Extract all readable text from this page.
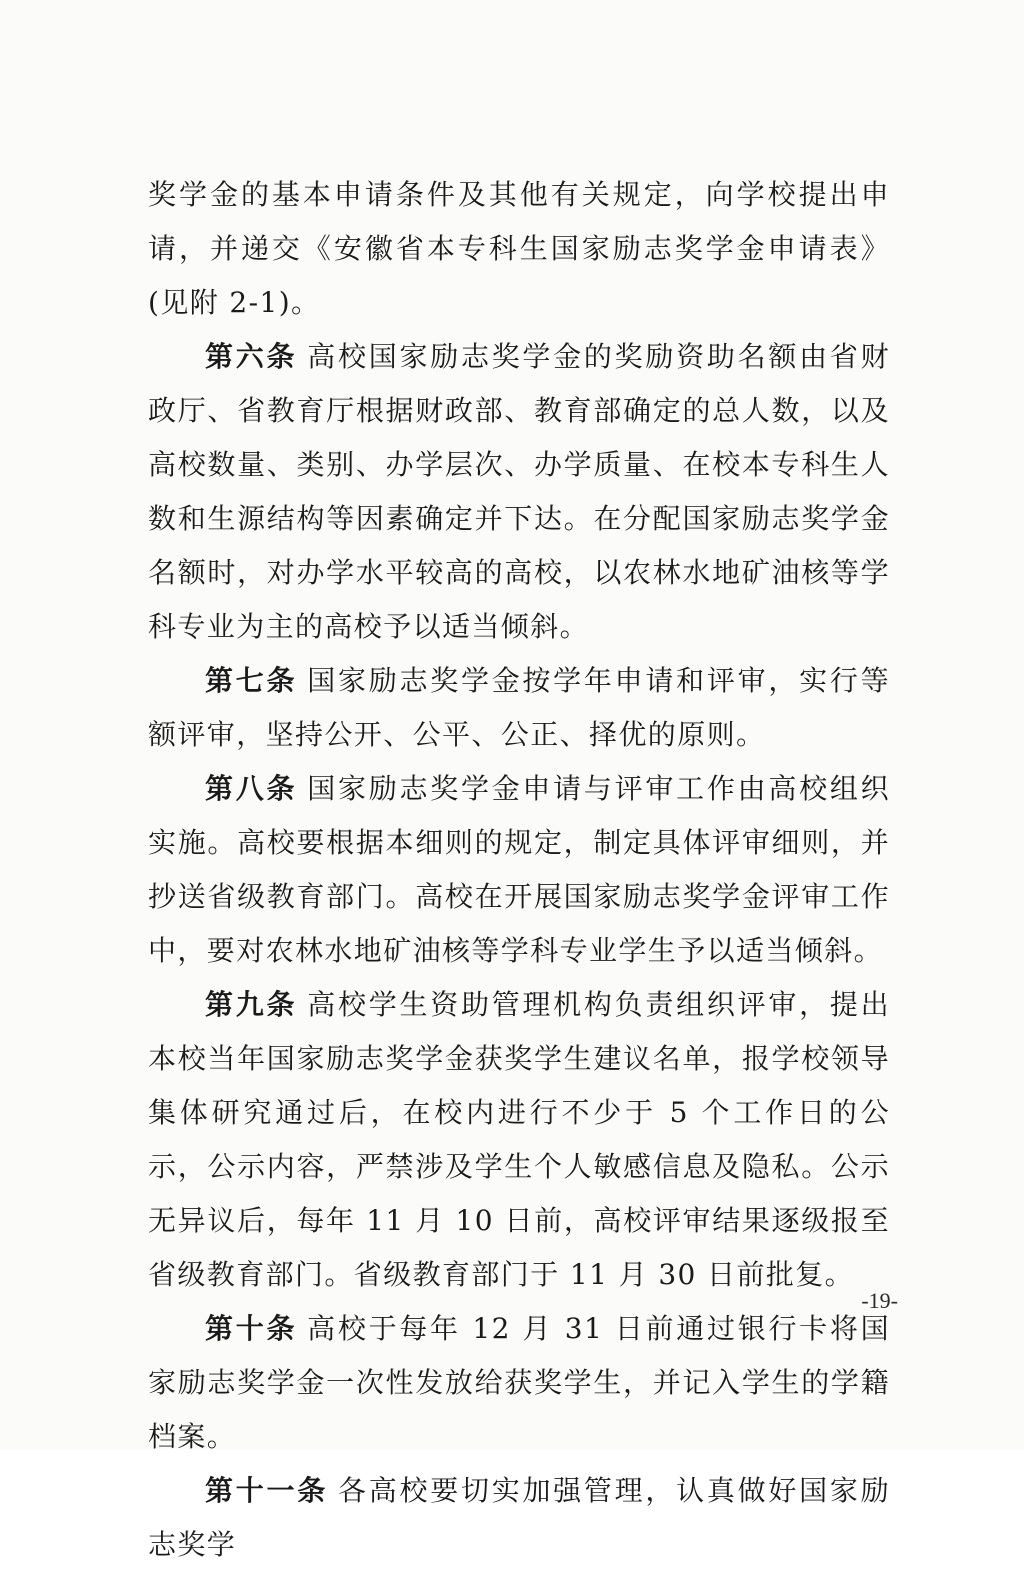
奖学金的基本申请条件及其他有关规定，向学校提出申请，并递交《安徽省本专科生国家励志奖学金申请表》(见附 2-1)。

第六条 高校国家励志奖学金的奖励资助名额由省财政厅、省教育厅根据财政部、教育部确定的总人数，以及高校数量、类别、办学层次、办学质量、在校本专科生人数和生源结构等因素确定并下达。在分配国家励志奖学金名额时，对办学水平较高的高校，以农林水地矿油核等学科专业为主的高校予以适当倾斜。

第七条 国家励志奖学金按学年申请和评审，实行等额评审，坚持公开、公平、公正、择优的原则。

第八条 国家励志奖学金申请与评审工作由高校组织实施。高校要根据本细则的规定，制定具体评审细则，并抄送省级教育部门。高校在开展国家励志奖学金评审工作中，要对农林水地矿油核等学科专业学生予以适当倾斜。

第九条 高校学生资助管理机构负责组织评审，提出本校当年国家励志奖学金获奖学生建议名单，报学校领导集体研究通过后，在校内进行不少于 5 个工作日的公示，公示内容，严禁涉及学生个人敏感信息及隐私。公示无异议后，每年 11 月 10 日前，高校评审结果逐级报至省级教育部门。省级教育部门于 11 月 30 日前批复。

第十条 高校于每年 12 月 31 日前通过银行卡将国家励志奖学金一次性发放给获奖学生，并记入学生的学籍档案。

第十一条 各高校要切实加强管理，认真做好国家励志奖学

-19-
